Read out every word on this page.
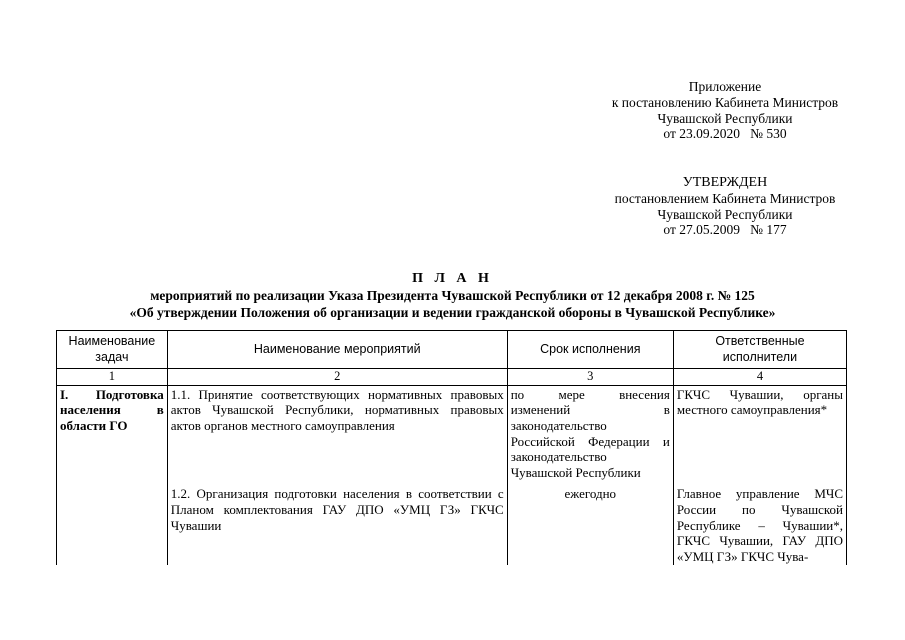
Приложение
к постановлению Кабинета Министров
Чувашской Республики
от 23.09.2020   № 530
УТВЕРЖДЕН
постановлением Кабинета Министров
Чувашской Республики
от 27.05.2009   № 177
П Л А Н
мероприятий по реализации Указа Президента Чувашской Республики от 12 декабря 2008 г. № 125
«Об утверждении Положения об организации и ведении гражданской обороны в Чувашской Республике»
Наименование задач	Наименование мероприятий	Срок исполнения	Ответственные исполнители
1	2	3	4
I. Подготовка населения в области ГО	1.1. Принятие соответствующих нормативных правовых актов Чувашской Республики, нормативных правовых актов органов местного самоуправления	по мере внесения изменений в законодательство Российской Федерации и законодательство Чувашской Республики	ГКЧС Чувашии, органы местного самоуправления*

	1.2. Организация подготовки населения в соответствии с Планом комплектования ГАУ ДПО «УМЦ ГЗ» ГКЧС Чувашии	ежегодно	Главное управление МЧС России по Чувашской Республике – Чувашии*, ГКЧС Чувашии, ГАУ ДПО «УМЦ ГЗ» ГКЧС Чува-
